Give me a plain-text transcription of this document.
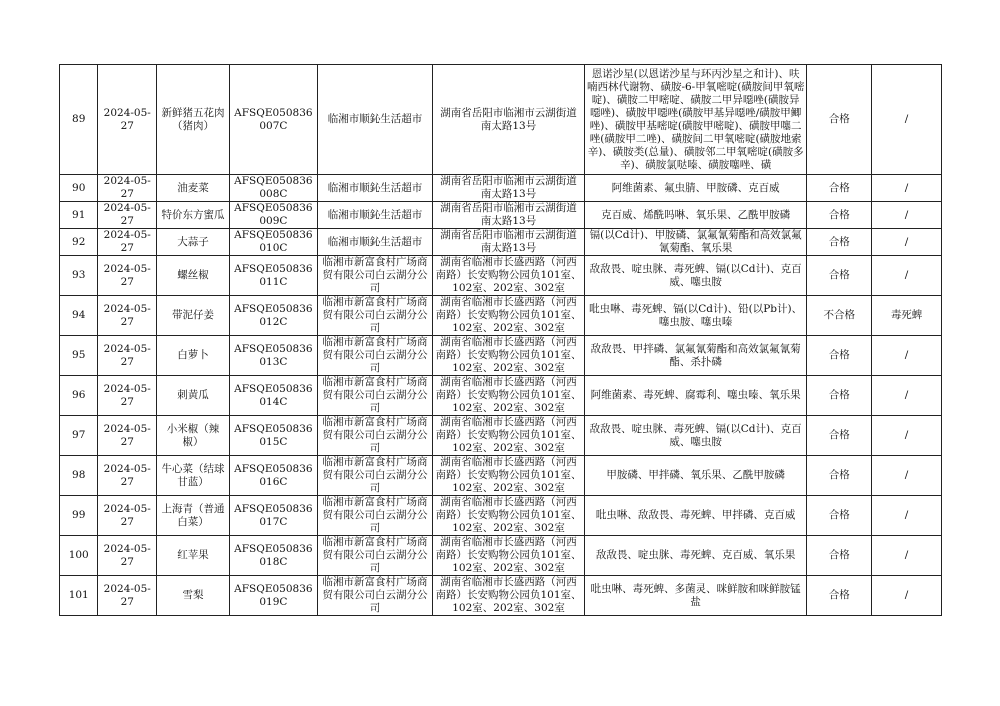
89	2024-05-27	新鲜猪五花肉（猪肉）	AFSQE050836007C	临湘市顺鈊生活超市	湖南省岳阳市临湘市云湖街道南太路13号	恩诺沙星(以恩诺沙星与环丙沙星之和计)、呋喃西林代谢物、磺胺-6-甲氧嘧啶(磺胺间甲氧嘧啶)、磺胺二甲嘧啶、磺胺二甲异噁唑(磺胺异噁唑)、磺胺甲噁唑(磺胺甲基异噁唑/磺胺甲鲫唑)、磺胺甲基嘧啶(磺胺甲嘧啶)、磺胺甲噻二唑(磺胺甲二唑)、磺胺间二甲氧嘧啶(磺胺地索辛)、磺胺类(总量)、磺胺邻二甲氧嘧啶(磺胺多辛)、磺胺氯哒嗪、磺胺噻唑、磺	合格	/
90	2024-05-27	油麦菜	AFSQE050836008C	临湘市顺鈊生活超市	湖南省岳阳市临湘市云湖街道南太路13号	阿维菌素、氟虫腈、甲胺磷、克百威	合格	/
91	2024-05-27	特价东方蜜瓜	AFSQE050836009C	临湘市顺鈊生活超市	湖南省岳阳市临湘市云湖街道南太路13号	克百威、烯酰吗啉、氧乐果、乙酰甲胺磷	合格	/
92	2024-05-27	大蒜子	AFSQE050836010C	临湘市顺鈊生活超市	湖南省岳阳市临湘市云湖街道南太路13号	镉(以Cd计)、甲胺磷、氯氟氰菊酯和高效氯氟氰菊酯、氧乐果	合格	/
93	2024-05-27	螺丝椒	AFSQE050836011C	临湘市新富食村广场商贸有限公司白云湖分公司	湖南省临湘市长盛西路（河西南路）长安购物公园负101室、102室、202室、302室	敌敌畏、啶虫脒、毒死蜱、镉(以Cd计)、克百威、噻虫胺	合格	/
94	2024-05-27	带泥仔姜	AFSQE050836012C	临湘市新富食村广场商贸有限公司白云湖分公司	湖南省临湘市长盛西路（河西南路）长安购物公园负101室、102室、202室、302室	吡虫啉、毒死蜱、镉(以Cd计)、铅(以Pb计)、噻虫胺、噻虫嗪	不合格	毒死蜱
95	2024-05-27	白萝卜	AFSQE050836013C	临湘市新富食村广场商贸有限公司白云湖分公司	湖南省临湘市长盛西路（河西南路）长安购物公园负101室、102室、202室、302室	敌敌畏、甲拌磷、氯氟氰菊酯和高效氯氟氰菊酯、杀扑磷	合格	/
96	2024-05-27	刺黄瓜	AFSQE050836014C	临湘市新富食村广场商贸有限公司白云湖分公司	湖南省临湘市长盛西路（河西南路）长安购物公园负101室、102室、202室、302室	阿维菌素、毒死蜱、腐霉利、噻虫嗪、氧乐果	合格	/
97	2024-05-27	小米椒（辣椒）	AFSQE050836015C	临湘市新富食村广场商贸有限公司白云湖分公司	湖南省临湘市长盛西路（河西南路）长安购物公园负101室、102室、202室、302室	敌敌畏、啶虫脒、毒死蜱、镉(以Cd计)、克百威、噻虫胺	合格	/
98	2024-05-27	牛心菜（结球甘蓝）	AFSQE050836016C	临湘市新富食村广场商贸有限公司白云湖分公司	湖南省临湘市长盛西路（河西南路）长安购物公园负101室、102室、202室、302室	甲胺磷、甲拌磷、氧乐果、乙酰甲胺磷	合格	/
99	2024-05-27	上海青（普通白菜）	AFSQE050836017C	临湘市新富食村广场商贸有限公司白云湖分公司	湖南省临湘市长盛西路（河西南路）长安购物公园负101室、102室、202室、302室	吡虫啉、敌敌畏、毒死蜱、甲拌磷、克百威	合格	/
100	2024-05-27	红苹果	AFSQE050836018C	临湘市新富食村广场商贸有限公司白云湖分公司	湖南省临湘市长盛西路（河西南路）长安购物公园负101室、102室、202室、302室	敌敌畏、啶虫脒、毒死蜱、克百威、氧乐果	合格	/
101	2024-05-27	雪梨	AFSQE050836019C	临湘市新富食村广场商贸有限公司白云湖分公司	湖南省临湘市长盛西路（河西南路）长安购物公园负101室、102室、202室、302室	吡虫啉、毒死蜱、多菌灵、咪鲜胺和咪鲜胺锰盐	合格	/
